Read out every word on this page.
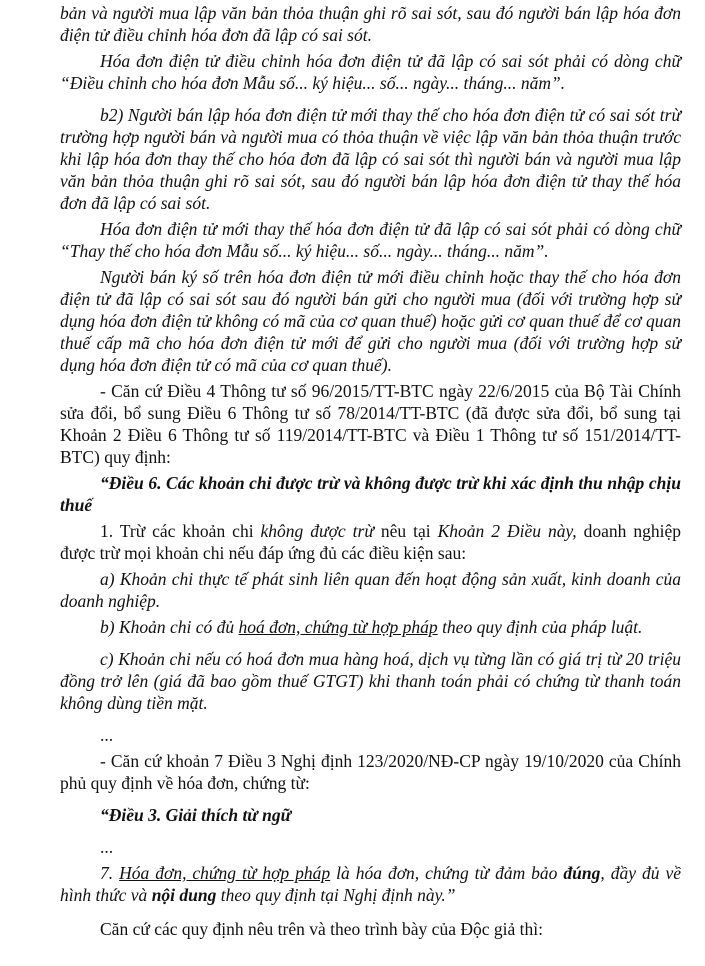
bản và người mua lập văn bản thỏa thuận ghi rõ sai sót, sau đó người bán lập hóa đơn điện tử điều chỉnh hóa đơn đã lập có sai sót.

Hóa đơn điện tử điều chỉnh hóa đơn điện tử đã lập có sai sót phải có dòng chữ “Điều chỉnh cho hóa đơn Mẫu số... ký hiệu... số... ngày... tháng... năm”.

b2) Người bán lập hóa đơn điện tử mới thay thế cho hóa đơn điện tử có sai sót trừ trường hợp người bán và người mua có thỏa thuận về việc lập văn bản thỏa thuận trước khi lập hóa đơn thay thế cho hóa đơn đã lập có sai sót thì người bán và người mua lập văn bản thỏa thuận ghi rõ sai sót, sau đó người bán lập hóa đơn điện tử thay thế hóa đơn đã lập có sai sót.

Hóa đơn điện tử mới thay thế hóa đơn điện tử đã lập có sai sót phải có dòng chữ “Thay thế cho hóa đơn Mẫu số... ký hiệu... số... ngày... tháng... năm”.

Người bán ký số trên hóa đơn điện tử mới điều chỉnh hoặc thay thế cho hóa đơn điện tử đã lập có sai sót sau đó người bán gửi cho người mua (đối với trường hợp sử dụng hóa đơn điện tử không có mã của cơ quan thuế) hoặc gửi cơ quan thuế để cơ quan thuế cấp mã cho hóa đơn điện tử mới để gửi cho người mua (đối với trường hợp sử dụng hóa đơn điện tử có mã của cơ quan thuế).

- Căn cứ Điều 4 Thông tư số 96/2015/TT-BTC ngày 22/6/2015 của Bộ Tài Chính sửa đổi, bổ sung Điều 6 Thông tư số 78/2014/TT-BTC (đã được sửa đổi, bổ sung tại Khoản 2 Điều 6 Thông tư số 119/2014/TT-BTC và Điều 1 Thông tư số 151/2014/TT-BTC) quy định:

“Điều 6. Các khoản chi được trừ và không được trừ khi xác định thu nhập chịu thuế

1. Trừ các khoản chi không được trừ nêu tại Khoản 2 Điều này, doanh nghiệp được trừ mọi khoản chi nếu đáp ứng đủ các điều kiện sau:

a) Khoản chi thực tế phát sinh liên quan đến hoạt động sản xuất, kinh doanh của doanh nghiệp.

b) Khoản chi có đủ hoá đơn, chứng từ hợp pháp theo quy định của pháp luật.

c) Khoản chi nếu có hoá đơn mua hàng hoá, dịch vụ từng lần có giá trị từ 20 triệu đồng trở lên (giá đã bao gồm thuế GTGT) khi thanh toán phải có chứng từ thanh toán không dùng tiền mặt.

...

- Căn cứ khoản 7 Điều 3 Nghị định 123/2020/NĐ-CP ngày 19/10/2020 của Chính phủ quy định về hóa đơn, chứng từ:

“Điều 3. Giải thích từ ngữ

...

7. Hóa đơn, chứng từ hợp pháp là hóa đơn, chứng từ đảm bảo đúng, đầy đủ về hình thức và nội dung theo quy định tại Nghị định này.”

Căn cứ các quy định nêu trên và theo trình bày của Độc giả thì:
